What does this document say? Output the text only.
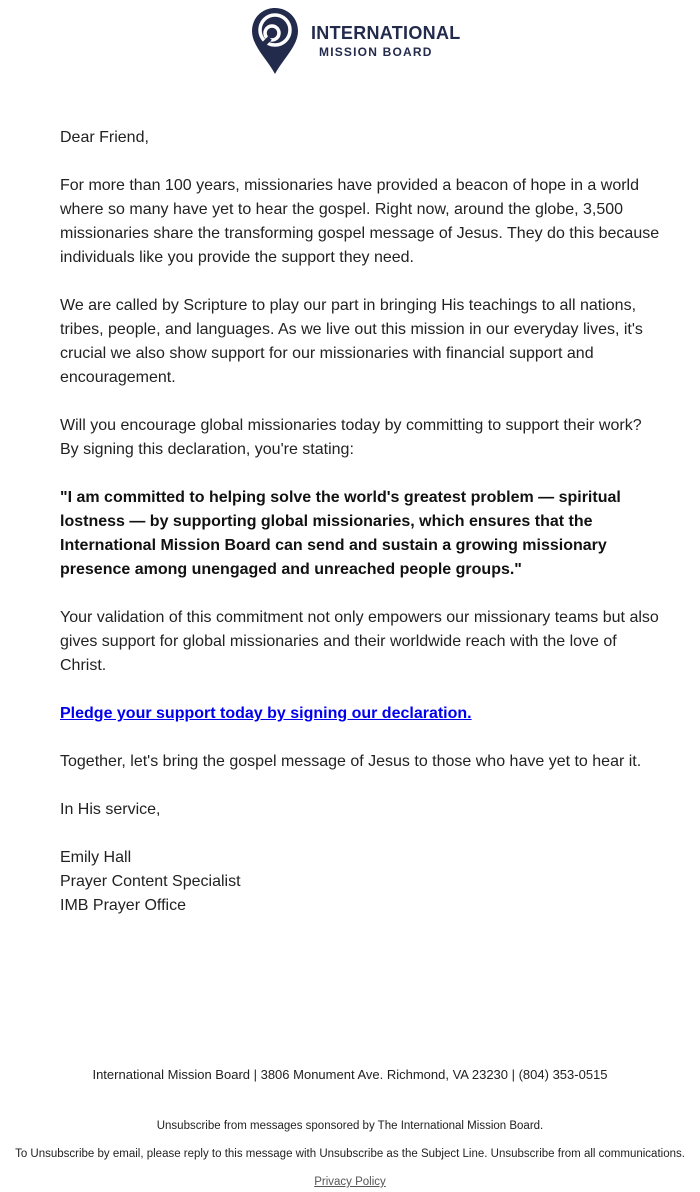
INTERNATIONAL
MISSION BOARD

Dear Friend,

For more than 100 years, missionaries have provided a beacon of hope in a world where so many have yet to hear the gospel. Right now, around the globe, 3,500 missionaries share the transforming gospel message of Jesus. They do this because individuals like you provide the support they need.

We are called by Scripture to play our part in bringing His teachings to all nations, tribes, people, and languages. As we live out this mission in our everyday lives, it's crucial we also show support for our missionaries with financial support and encouragement.

Will you encourage global missionaries today by committing to support their work? By signing this declaration, you're stating:

"I am committed to helping solve the world's greatest problem — spiritual lostness — by supporting global missionaries, which ensures that the International Mission Board can send and sustain a growing missionary presence among unengaged and unreached people groups."

Your validation of this commitment not only empowers our missionary teams but also gives support for global missionaries and their worldwide reach with the love of Christ.

Pledge your support today by signing our declaration.

Together, let's bring the gospel message of Jesus to those who have yet to hear it.

In His service,

Emily Hall
Prayer Content Specialist
IMB Prayer Office

International Mission Board | 3806 Monument Ave. Richmond, VA 23230 | (804) 353-0515
Unsubscribe from messages sponsored by The International Mission Board.
To Unsubscribe by email, please reply to this message with Unsubscribe as the Subject Line. Unsubscribe from all communications.
Privacy Policy
